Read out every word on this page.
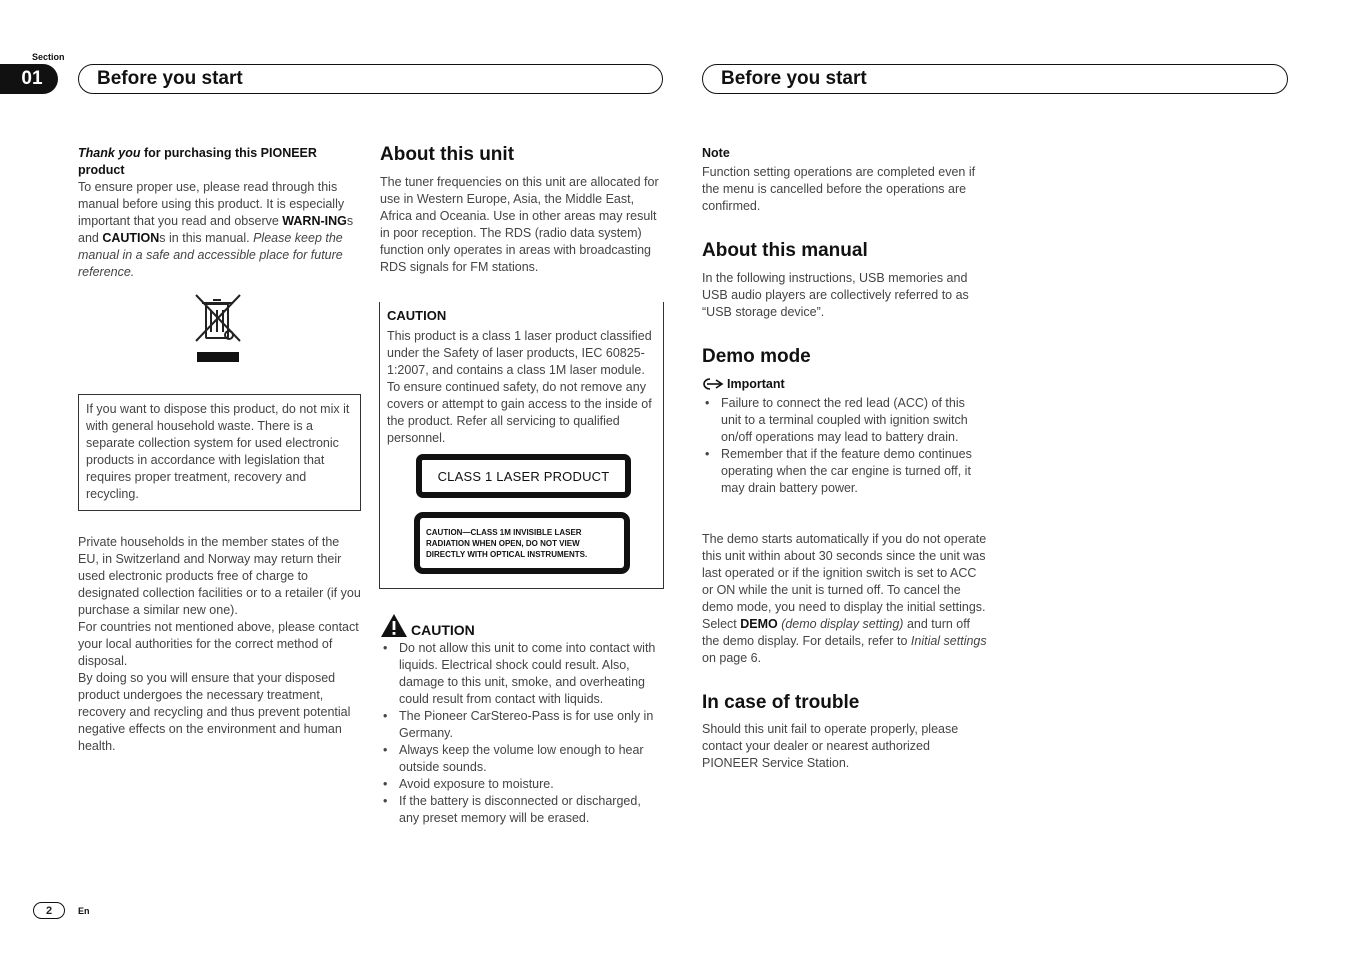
Section
01	Before you start	Before you start
Thank you for purchasing this PIONEER product
To ensure proper use, please read through this manual before using this product. It is especially important that you read and observe WARN-INGs and CAUTIONs in this manual. Please keep the manual in a safe and accessible place for future reference.
If you want to dispose this product, do not mix it with general household waste. There is a separate collection system for used electronic products in accordance with legislation that requires proper treatment, recovery and recycling.
Private households in the member states of the EU, in Switzerland and Norway may return their used electronic products free of charge to designated collection facilities or to a retailer (if you purchase a similar new one).
For countries not mentioned above, please contact your local authorities for the correct method of disposal.
By doing so you will ensure that your disposed product undergoes the necessary treatment, recovery and recycling and thus prevent potential negative effects on the environment and human health.
About this unit
The tuner frequencies on this unit are allocated for use in Western Europe, Asia, the Middle East, Africa and Oceania. Use in other areas may result in poor reception. The RDS (radio data system) function only operates in areas with broadcasting RDS signals for FM stations.
CAUTION
This product is a class 1 laser product classified under the Safety of laser products, IEC 60825-1:2007, and contains a class 1M laser module. To ensure continued safety, do not remove any covers or attempt to gain access to the inside of the product. Refer all servicing to qualified personnel.
CLASS 1 LASER PRODUCT
CAUTION—CLASS 1M INVISIBLE LASER RADIATION WHEN OPEN, DO NOT VIEW DIRECTLY WITH OPTICAL INSTRUMENTS.
CAUTION
• Do not allow this unit to come into contact with liquids. Electrical shock could result. Also, damage to this unit, smoke, and overheating could result from contact with liquids.
• The Pioneer CarStereo-Pass is for use only in Germany.
• Always keep the volume low enough to hear outside sounds.
• Avoid exposure to moisture.
• If the battery is disconnected or discharged, any preset memory will be erased.
Note
Function setting operations are completed even if the menu is cancelled before the operations are confirmed.
About this manual
In the following instructions, USB memories and USB audio players are collectively referred to as “USB storage device”.
Demo mode
Important
• Failure to connect the red lead (ACC) of this unit to a terminal coupled with ignition switch on/off operations may lead to battery drain.
• Remember that if the feature demo continues operating when the car engine is turned off, it may drain battery power.
The demo starts automatically if you do not operate this unit within about 30 seconds since the unit was last operated or if the ignition switch is set to ACC or ON while the unit is turned off. To cancel the demo mode, you need to display the initial settings. Select DEMO (demo display setting) and turn off the demo display. For details, refer to Initial settings on page 6.
In case of trouble
Should this unit fail to operate properly, please contact your dealer or nearest authorized PIONEER Service Station.
2	En
